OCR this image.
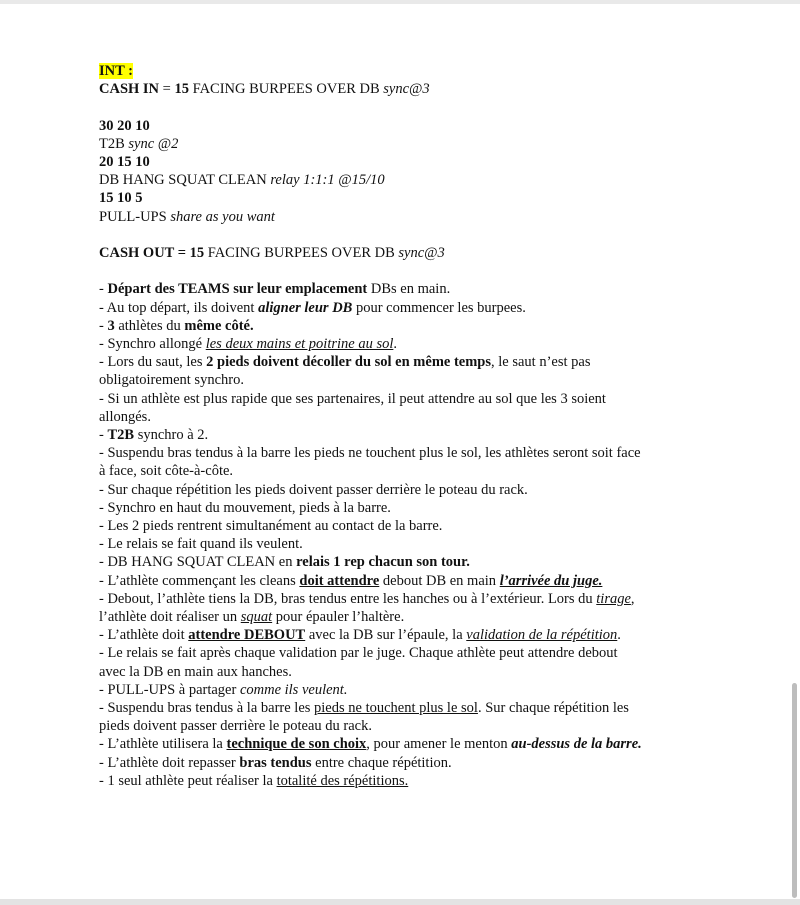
INT :
CASH IN = 15 FACING BURPEES OVER DB sync@3
30 20 10
T2B sync @2
20 15 10
DB HANG SQUAT CLEAN relay 1:1:1 @15/10
15 10 5
PULL-UPS share as you want
CASH OUT = 15 FACING BURPEES OVER DB sync@3
- Départ des TEAMS sur leur emplacement DBs en main.
- Au top départ, ils doivent aligner leur DB pour commencer les burpees.
- 3 athlètes du même côté.
- Synchro allongé les deux mains et poitrine au sol.
- Lors du saut, les 2 pieds doivent décoller du sol en même temps, le saut n’est pas
obligatoirement synchro.
- Si un athlète est plus rapide que ses partenaires, il peut attendre au sol que les 3 soient
allongés.
- T2B synchro à 2.
- Suspendu bras tendus à la barre les pieds ne touchent plus le sol, les athlètes seront soit face
à face, soit côte-à-côte.
- Sur chaque répétition les pieds doivent passer derrière le poteau du rack.
- Synchro en haut du mouvement, pieds à la barre.
- Les 2 pieds rentrent simultanément au contact de la barre.
- Le relais se fait quand ils veulent.
- DB HANG SQUAT CLEAN en relais 1 rep chacun son tour.
- L’athlète commençant les cleans doit attendre debout DB en main l’arrivée du juge.
- Debout, l’athlète tiens la DB, bras tendus entre les hanches ou à l’extérieur. Lors du tirage,
l’athlète doit réaliser un squat pour épauler l’haltère.
- L’athlète doit attendre DEBOUT avec la DB sur l’épaule, la validation de la répétition.
- Le relais se fait après chaque validation par le juge. Chaque athlète peut attendre debout
avec la DB en main aux hanches.
- PULL-UPS à partager comme ils veulent.
- Suspendu bras tendus à la barre les pieds ne touchent plus le sol. Sur chaque répétition les
pieds doivent passer derrière le poteau du rack.
- L’athlète utilisera la technique de son choix, pour amener le menton au-dessus de la barre.
- L’athlète doit repasser bras tendus entre chaque répétition.
- 1 seul athlète peut réaliser la totalité des répétitions.
